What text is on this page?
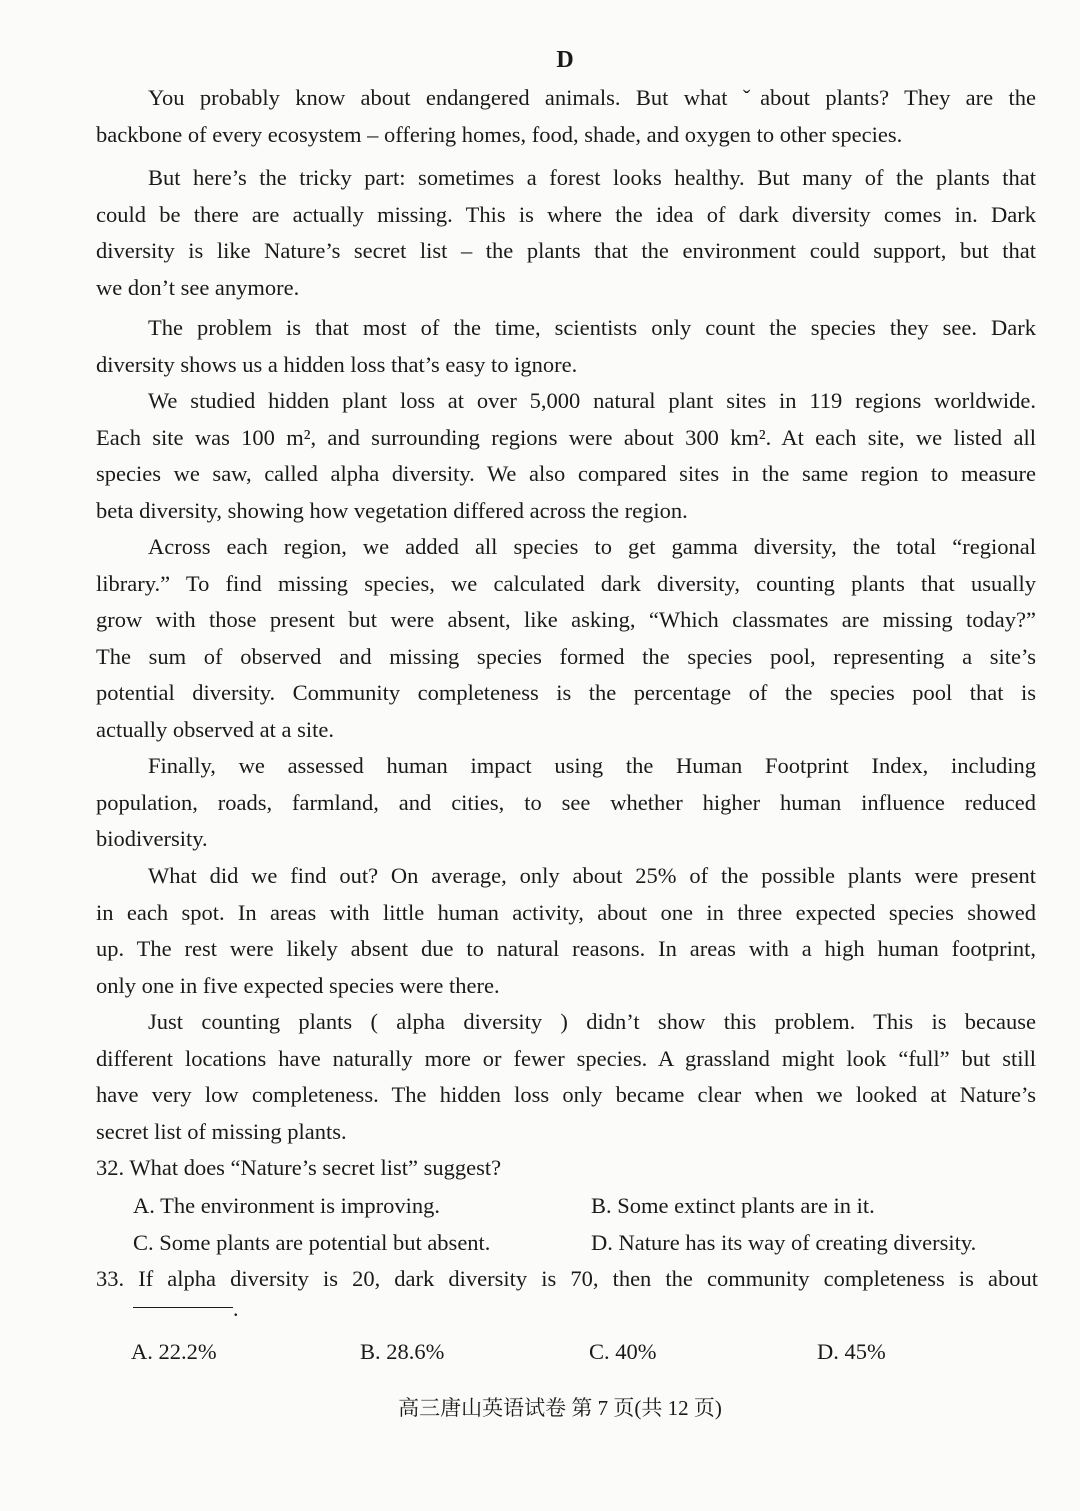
D
You probably know about endangered animals. But what ˇabout plants? They are the
backbone of every ecosystem – offering homes, food, shade, and oxygen to other species.
But here’s the tricky part: sometimes a forest looks healthy. But many of the plants that
could be there are actually missing. This is where the idea of dark diversity comes in. Dark
diversity is like Nature’s secret list – the plants that the environment could support, but that
we don’t see anymore.
The problem is that most of the time, scientists only count the species they see. Dark
diversity shows us a hidden loss that’s easy to ignore.
We studied hidden plant loss at over 5,000 natural plant sites in 119 regions worldwide.
Each site was 100 m², and surrounding regions were about 300 km². At each site, we listed all
species we saw, called alpha diversity. We also compared sites in the same region to measure
beta diversity, showing how vegetation differed across the region.
Across each region, we added all species to get gamma diversity, the total “regional
library.” To find missing species, we calculated dark diversity, counting plants that usually
grow with those present but were absent, like asking, “Which classmates are missing today?”
The sum of observed and missing species formed the species pool, representing a site’s
potential diversity. Community completeness is the percentage of the species pool that is
actually observed at a site.
Finally, we assessed human impact using the Human Footprint Index, including
population, roads, farmland, and cities, to see whether higher human influence reduced
biodiversity.
What did we find out? On average, only about 25% of the possible plants were present
in each spot. In areas with little human activity, about one in three expected species showed
up. The rest were likely absent due to natural reasons. In areas with a high human footprint,
only one in five expected species were there.
Just counting plants ( alpha diversity ) didn’t show this problem. This is because
different locations have naturally more or fewer species. A grassland might look “full” but still
have very low completeness. The hidden loss only became clear when we looked at Nature’s
secret list of missing plants.
32. What does “Nature’s secret list” suggest?
A. The environment is improving.	B. Some extinct plants are in it.
C. Some plants are potential but absent.	D. Nature has its way of creating diversity.
33. If alpha diversity is 20, dark diversity is 70, then the community completeness is about
.
A. 22.2%	B. 28.6%	C. 40%	D. 45%
高三唐山英语试卷 第 7 页(共 12 页)
